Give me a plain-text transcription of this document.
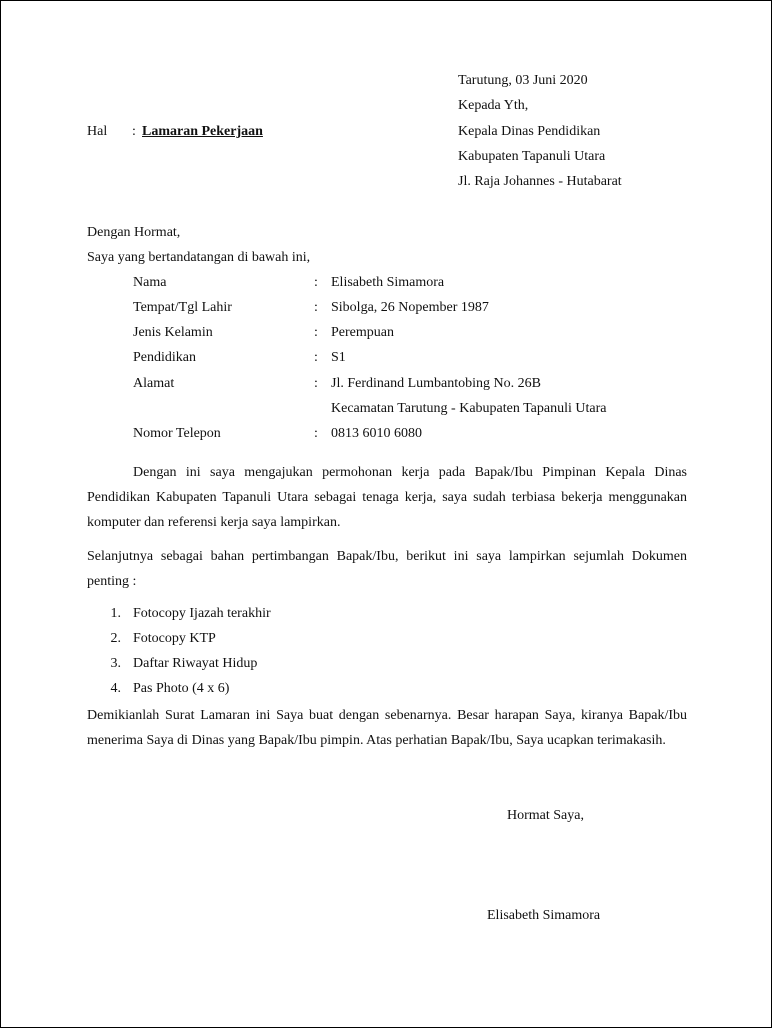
Tarutung, 03 Juni 2020
Kepada Yth,
Kepala Dinas Pendidikan
Kabupaten Tapanuli Utara
Jl. Raja Johannes - Hutabarat
Hal : Lamaran Pekerjaan
Dengan Hormat,
Saya yang bertandatangan di bawah ini,
Nama	: Elisabeth Simamora
Tempat/Tgl Lahir	: Sibolga, 26 Nopember 1987
Jenis Kelamin	: Perempuan
Pendidikan	: S1
Alamat	: Jl. Ferdinand Lumbantobing No. 26B
Kecamatan Tarutung - Kabupaten Tapanuli Utara
Nomor Telepon	: 0813 6010 6080

Dengan ini saya mengajukan permohonan kerja pada Bapak/Ibu Pimpinan Kepala Dinas Pendidikan Kabupaten Tapanuli Utara sebagai tenaga kerja, saya sudah terbiasa bekerja menggunakan komputer dan referensi kerja saya lampirkan.

Selanjutnya sebagai bahan pertimbangan Bapak/Ibu, berikut ini saya lampirkan sejumlah Dokumen penting :

1. Fotocopy Ijazah terakhir
2. Fotocopy KTP
3. Daftar Riwayat Hidup
4. Pas Photo (4 x 6)

Demikianlah Surat Lamaran ini Saya buat dengan sebenarnya. Besar harapan Saya, kiranya Bapak/Ibu menerima Saya di Dinas yang Bapak/Ibu pimpin. Atas perhatian Bapak/Ibu, Saya ucapkan terimakasih.

Hormat Saya,
Elisabeth Simamora
